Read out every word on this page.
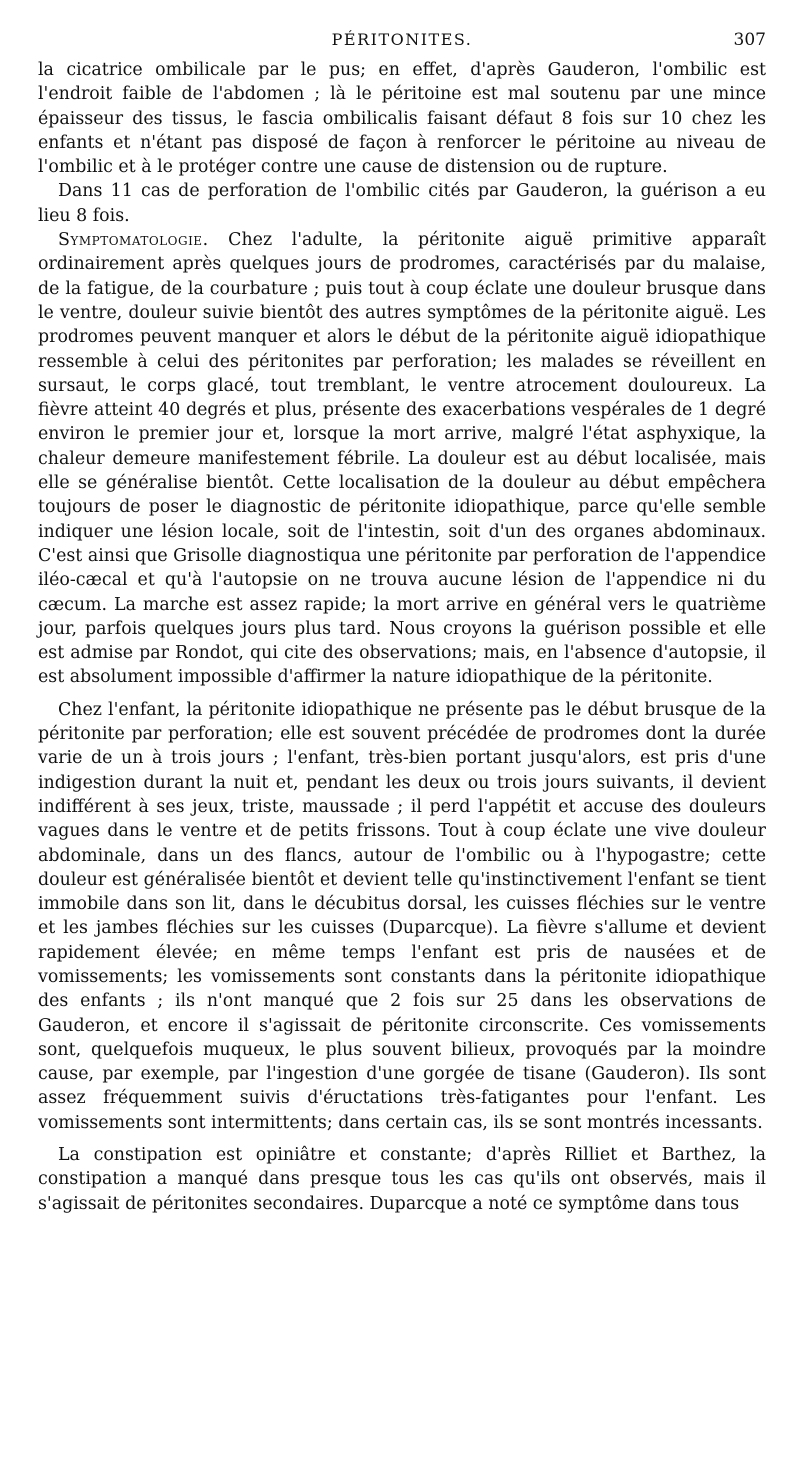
PÉRITONITES.	307

la cicatrice ombilicale par le pus; en effet, d'après Gauderon, l'ombilic est l'endroit faible de l'abdomen ; là le péritoine est mal soutenu par une mince épaisseur des tissus, le fascia ombilicalis faisant défaut 8 fois sur 10 chez les enfants et n'étant pas disposé de façon à renforcer le péritoine au niveau de l'ombilic et à le protéger contre une cause de distension ou de rupture.

Dans 11 cas de perforation de l'ombilic cités par Gauderon, la guérison a eu lieu 8 fois.

Symptomatologie. Chez l'adulte, la péritonite aiguë primitive apparaît ordinairement après quelques jours de prodromes, caractérisés par du malaise, de la fatigue, de la courbature ; puis tout à coup éclate une douleur brusque dans le ventre, douleur suivie bientôt des autres symptômes de la péritonite aiguë. Les prodromes peuvent manquer et alors le début de la péritonite aiguë idiopathique ressemble à celui des péritonites par perforation; les malades se réveillent en sursaut, le corps glacé, tout tremblant, le ventre atrocement douloureux. La fièvre atteint 40 degrés et plus, présente des exacerbations vespérales de 1 degré environ le premier jour et, lorsque la mort arrive, malgré l'état asphyxique, la chaleur demeure manifestement fébrile. La douleur est au début localisée, mais elle se généralise bientôt. Cette localisation de la douleur au début empêchera toujours de poser le diagnostic de péritonite idiopathique, parce qu'elle semble indiquer une lésion locale, soit de l'intestin, soit d'un des organes abdominaux. C'est ainsi que Grisolle diagnostiqua une péritonite par perforation de l'appendice iléo-cæcal et qu'à l'autopsie on ne trouva aucune lésion de l'appendice ni du cæcum. La marche est assez rapide; la mort arrive en général vers le quatrième jour, parfois quelques jours plus tard. Nous croyons la guérison possible et elle est admise par Rondot, qui cite des observations; mais, en l'absence d'autopsie, il est absolument impossible d'affirmer la nature idiopathique de la péritonite.

Chez l'enfant, la péritonite idiopathique ne présente pas le début brusque de la péritonite par perforation; elle est souvent précédée de prodromes dont la durée varie de un à trois jours ; l'enfant, très-bien portant jusqu'alors, est pris d'une indigestion durant la nuit et, pendant les deux ou trois jours suivants, il devient indifférent à ses jeux, triste, maussade ; il perd l'appétit et accuse des douleurs vagues dans le ventre et de petits frissons. Tout à coup éclate une vive douleur abdominale, dans un des flancs, autour de l'ombilic ou à l'hypogastre; cette douleur est généralisée bientôt et devient telle qu'instinctivement l'enfant se tient immobile dans son lit, dans le décubitus dorsal, les cuisses fléchies sur le ventre et les jambes fléchies sur les cuisses (Duparcque). La fièvre s'allume et devient rapidement élevée; en même temps l'enfant est pris de nausées et de vomissements; les vomissements sont constants dans la péritonite idiopathique des enfants ; ils n'ont manqué que 2 fois sur 25 dans les observations de Gauderon, et encore il s'agissait de péritonite circonscrite. Ces vomissements sont, quelquefois muqueux, le plus souvent bilieux, provoqués par la moindre cause, par exemple, par l'ingestion d'une gorgée de tisane (Gauderon). Ils sont assez fréquemment suivis d'éructations très-fatigantes pour l'enfant. Les vomissements sont intermittents; dans certain cas, ils se sont montrés incessants.

La constipation est opiniâtre et constante; d'après Rilliet et Barthez, la constipation a manqué dans presque tous les cas qu'ils ont observés, mais il s'agissait de péritonites secondaires. Duparcque a noté ce symptôme dans tous
